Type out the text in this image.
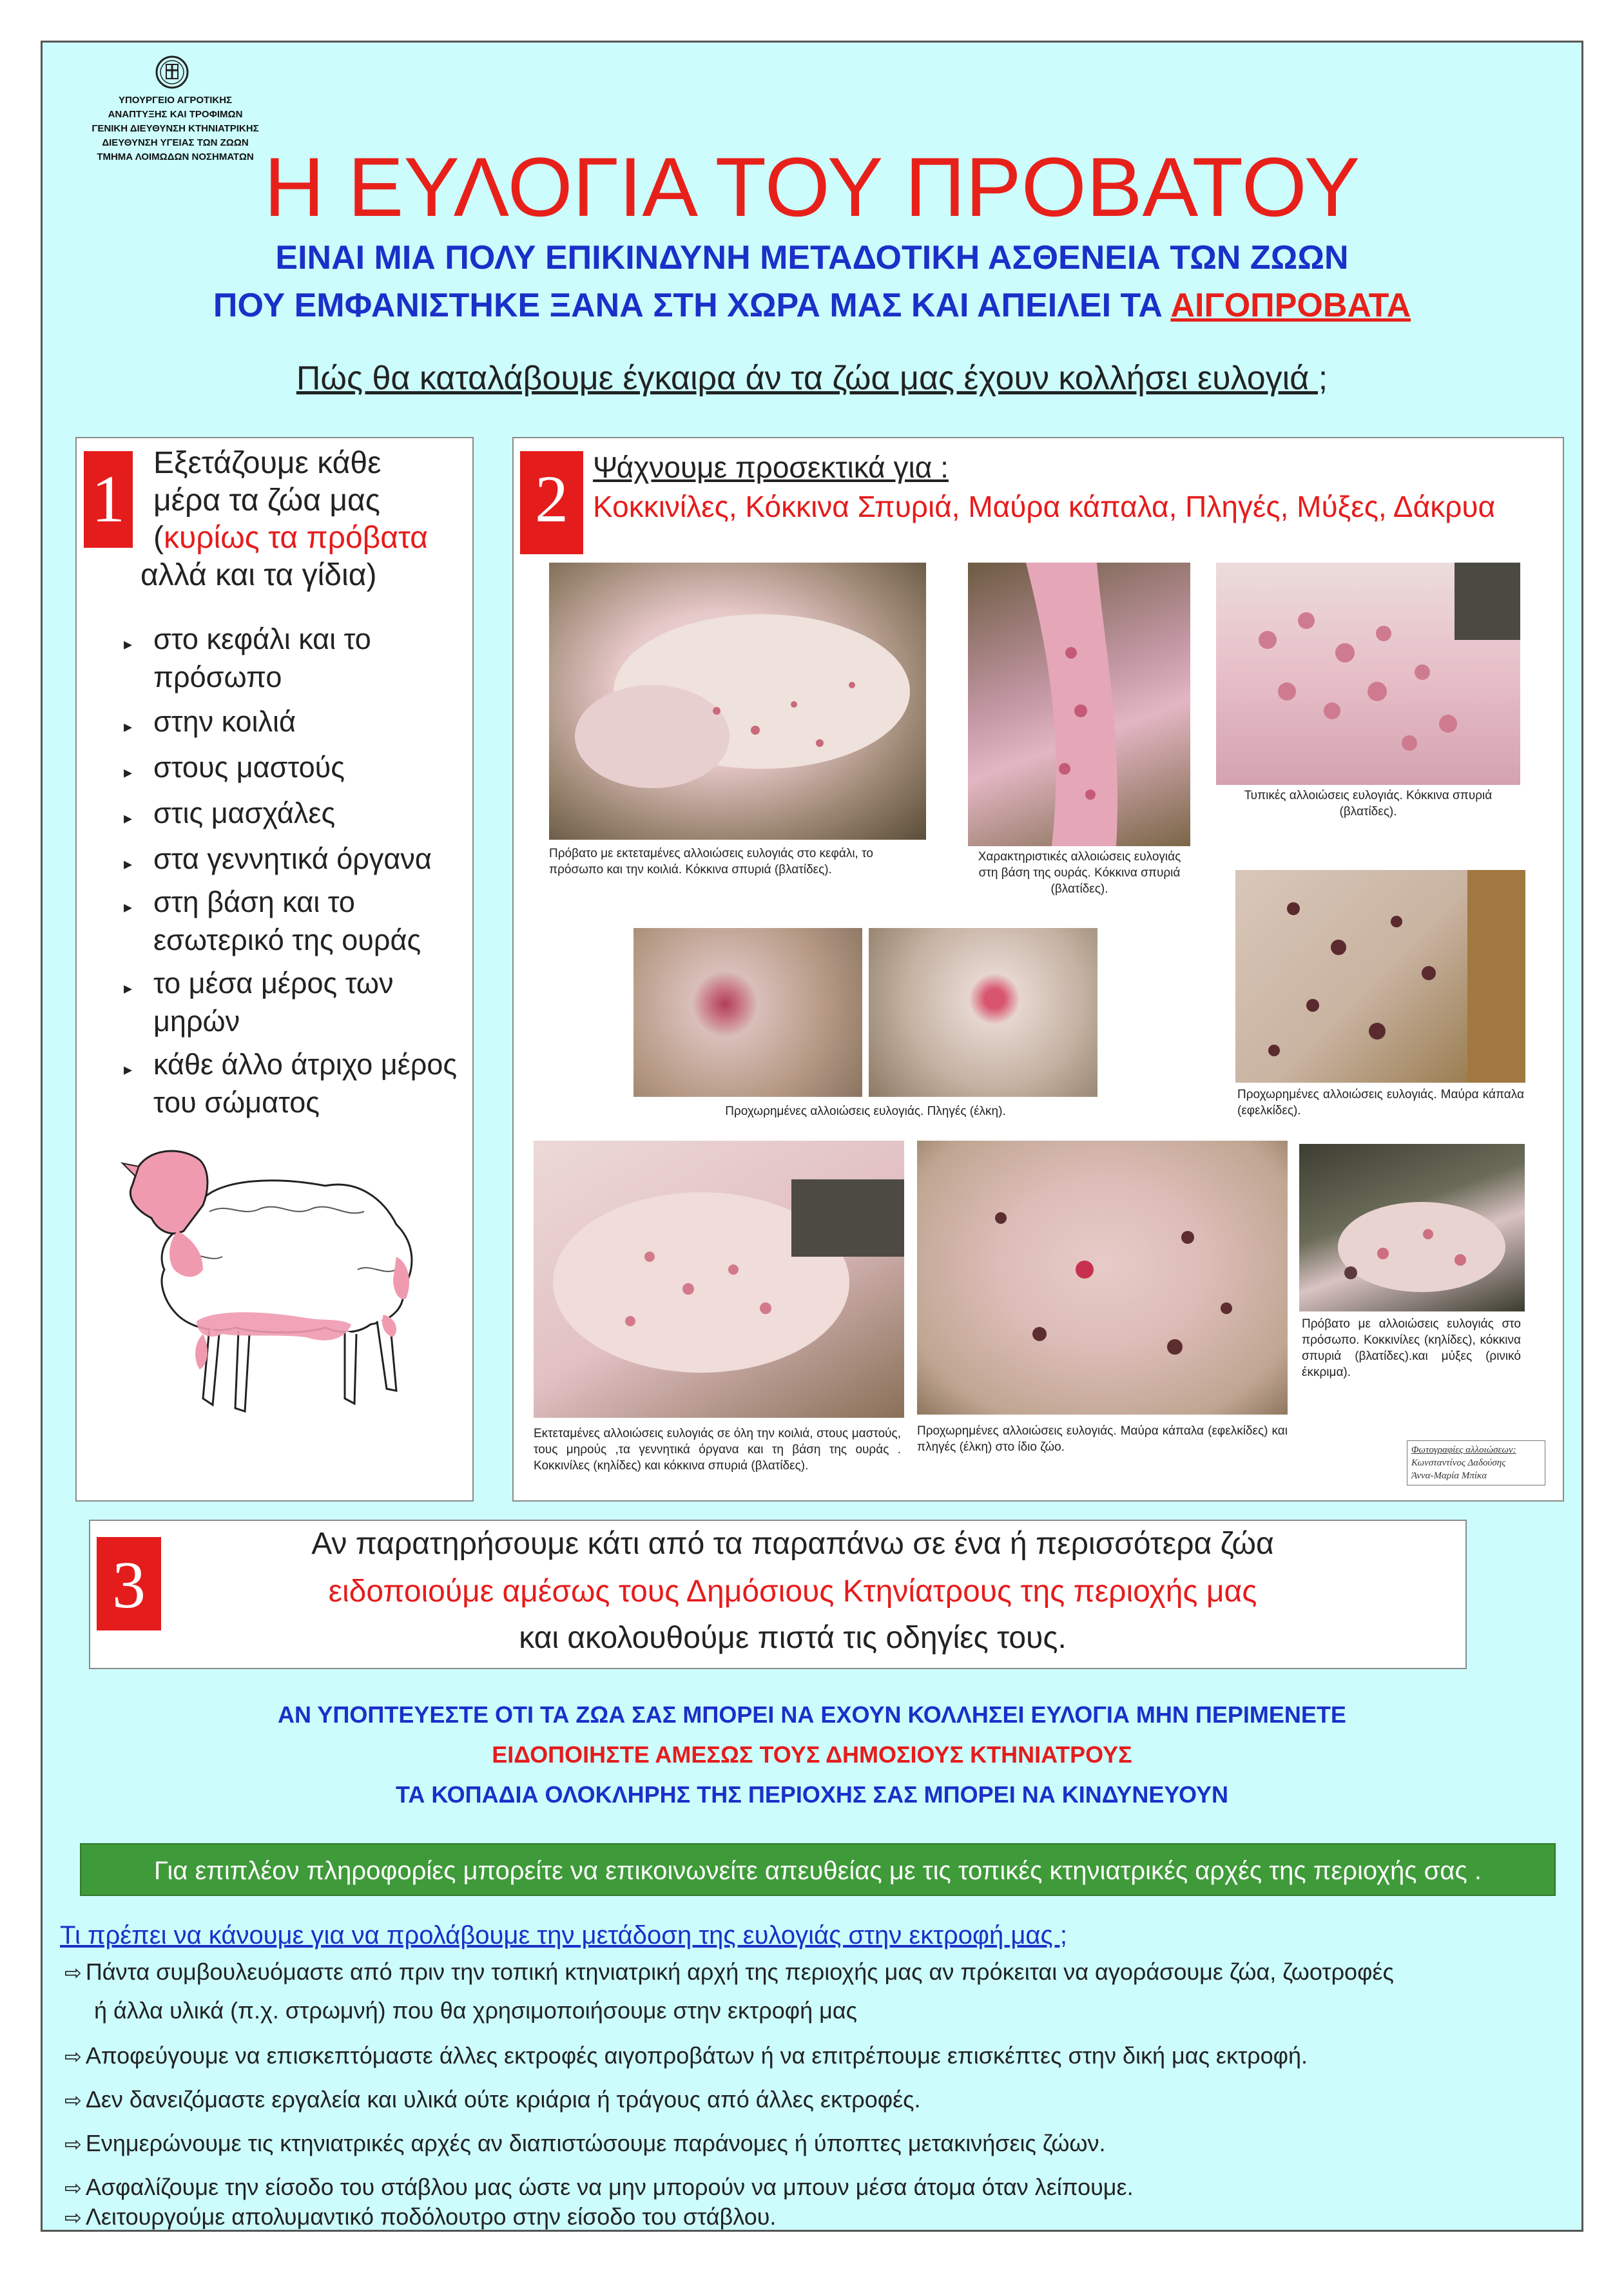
ΥΠΟΥΡΓΕΙΟ ΑΓΡΟΤΙΚΗΣ
ΑΝΑΠΤΥΞΗΣ ΚΑΙ ΤΡΟΦΙΜΩΝ
ΓΕΝΙΚΗ ΔΙΕΥΘΥΝΣΗ ΚΤΗΝΙΑΤΡΙΚΗΣ
ΔΙΕΥΘΥΝΣΗ ΥΓΕΙΑΣ ΤΩΝ ΖΩΩΝ
ΤΜΗΜΑ ΛΟΙΜΩΔΩΝ ΝΟΣΗΜΑΤΩΝ Η ΕΥΛΟΓΙΑ ΤΟΥ ΠΡΟΒΑΤΟΥ
ΕΙΝΑΙ ΜΙΑ ΠΟΛΥ ΕΠΙΚΙΝΔΥΝΗ ΜΕΤΑΔΟΤΙΚΗ ΑΣΘΕΝΕΙΑ ΤΩΝ ΖΩΩΝ
ΠΟΥ ΕΜΦΑΝΙΣΤΗΚΕ ΞΑΝΑ ΣΤΗ ΧΩΡΑ ΜΑΣ ΚΑΙ ΑΠΕΙΛΕΙ ΤΑ ΑΙΓΟΠΡΟΒΑΤΑ
Πώς θα καταλάβουμε έγκαιρα άν τα ζώα μας έχουν κολλήσει ευλογιά ;
1 Εξετάζουμε κάθε
μέρα τα ζώα μας
(κυρίως τα πρόβατα
αλλά και τα γίδια)
▸ στο κεφάλι και το πρόσωπο
▸ στην κοιλιά
▸ στους μαστούς
▸ στις μασχάλες
▸ στα γεννητικά όργανα
▸ στη βάση και το εσωτερικό της ουράς
▸ το μέσα μέρος των μηρών
▸ κάθε άλλο άτριχο μέρος του σώματος
2 Ψάχνουμε προσεκτικά για :
Κοκκινίλες, Κόκκινα Σπυριά, Μαύρα κάπαλα, Πληγές, Μύξες, Δάκρυα
Πρόβατο με εκτεταμένες αλλοιώσεις ευλογιάς στο κεφάλι, το πρόσωπο και την κοιλιά. Κόκκινα σπυριά (βλατίδες).
Χαρακτηριστικές αλλοιώσεις ευλογιάς στη βάση της ουράς. Κόκκινα σπυριά (βλατίδες).
Τυπικές αλλοιώσεις ευλογιάς. Κόκκινα σπυριά (βλατίδες).
Προχωρημένες αλλοιώσεις ευλογιάς. Πληγές (έλκη).
Προχωρημένες αλλοιώσεις ευλογιάς. Μαύρα κάπαλα (εφελκίδες).
Εκτεταμένες αλλοιώσεις ευλογιάς σε όλη την κοιλιά, στους μαστούς, τους μηρούς ,τα γεννητικά όργανα και τη βάση της ουράς . Κοκκινίλες (κηλίδες) και κόκκινα σπυριά (βλατίδες).
Προχωρημένες αλλοιώσεις ευλογιάς. Μαύρα κάπαλα (εφελκίδες) και πληγές (έλκη) στο ίδιο ζώο.
Πρόβατο με αλλοιώσεις ευλογιάς στο πρόσωπο. Κοκκινίλες (κηλίδες), κόκκινα σπυριά (βλατίδες).και μύξες (ρινικό έκκριμα).
Φωτογραφίες αλλοιώσεων:
Κωνσταντίνος Δαδούσης
Άννα-Μαρία Μπίκα
3
Αν παρατηρήσουμε κάτι από τα παραπάνω σε ένα ή περισσότερα ζώα
ειδοποιούμε αμέσως τους Δημόσιους Κτηνίατρους της περιοχής μας
και ακολουθούμε πιστά τις οδηγίες τους.
ΑΝ ΥΠΟΠΤΕΥΕΣΤΕ ΟΤΙ ΤΑ ΖΩΑ ΣΑΣ ΜΠΟΡΕΙ ΝΑ ΕΧΟΥΝ ΚΟΛΛΗΣΕΙ ΕΥΛΟΓΙΑ ΜΗΝ ΠΕΡΙΜΕΝΕΤΕ
ΕΙΔΟΠΟΙΗΣΤΕ ΑΜΕΣΩΣ ΤΟΥΣ ΔΗΜΟΣΙΟΥΣ ΚΤΗΝΙΑΤΡΟΥΣ
ΤΑ ΚΟΠΑΔΙΑ ΟΛΟΚΛΗΡΗΣ ΤΗΣ ΠΕΡΙΟΧΗΣ ΣΑΣ ΜΠΟΡΕΙ ΝΑ ΚΙΝΔΥΝΕΥΟΥΝ
Για επιπλέον πληροφορίες μπορείτε να επικοινωνείτε απευθείας με τις τοπικές κτηνιατρικές αρχές της περιοχής σας .
Τι πρέπει να κάνουμε για να προλάβουμε την μετάδοση της ευλογιάς στην εκτροφή μας ;
⇨ Πάντα συμβουλευόμαστε από πριν την τοπική κτηνιατρική αρχή της περιοχής μας αν πρόκειται να αγοράσουμε ζώα, ζωοτροφές
ή άλλα υλικά (π.χ. στρωμνή) που θα χρησιμοποιήσουμε στην εκτροφή μας
⇨ Αποφεύγουμε να επισκεπτόμαστε άλλες εκτροφές αιγοπροβάτων ή να επιτρέπουμε επισκέπτες στην δική μας εκτροφή.
⇨ Δεν δανειζόμαστε εργαλεία και υλικά ούτε κριάρια ή τράγους από άλλες εκτροφές.
⇨ Ενημερώνουμε τις κτηνιατρικές αρχές αν διαπιστώσουμε παράνομες ή ύποπτες μετακινήσεις ζώων.
⇨ Ασφαλίζουμε την είσοδο του στάβλου μας ώστε να μην μπορούν να μπουν μέσα άτομα όταν λείπουμε.
⇨ Λειτουργούμε απολυμαντικό ποδόλουτρο στην είσοδο του στάβλου.
